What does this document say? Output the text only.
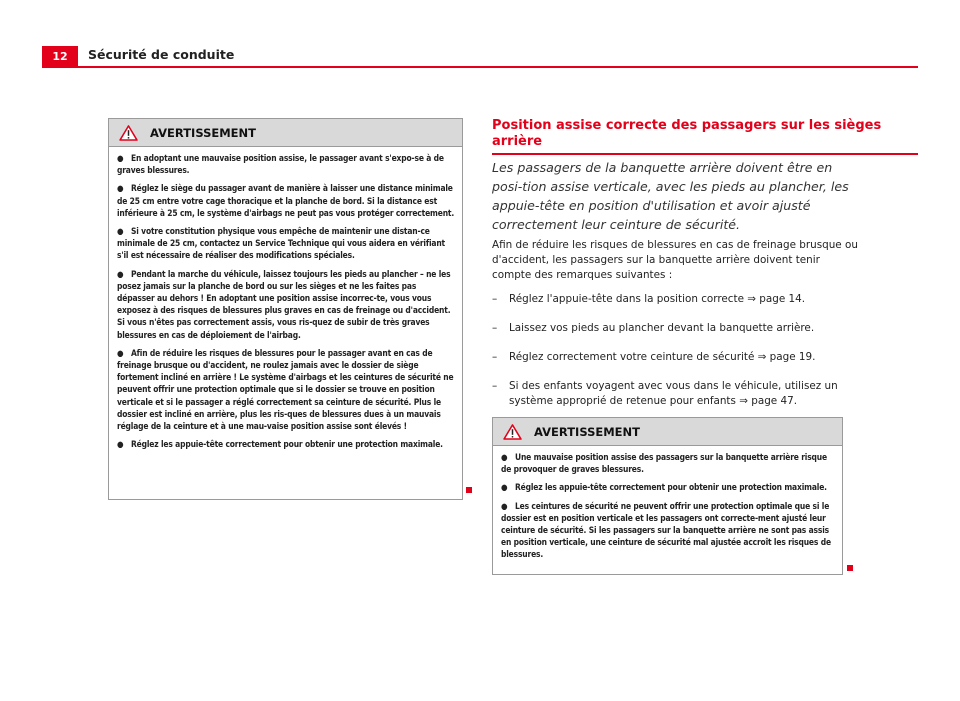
12	Sécurité de conduite
AVERTISSEMENT
● En adoptant une mauvaise position assise, le passager avant s'expo-se à de graves blessures.
● Réglez le siège du passager avant de manière à laisser une distance minimale de 25 cm entre votre cage thoracique et la planche de bord. Si la distance est inférieure à 25 cm, le système d'airbags ne peut pas vous protéger correctement.
● Si votre constitution physique vous empêche de maintenir une distan-ce minimale de 25 cm, contactez un Service Technique qui vous aidera en vérifiant s'il est nécessaire de réaliser des modifications spéciales.
● Pendant la marche du véhicule, laissez toujours les pieds au plancher – ne les posez jamais sur la planche de bord ou sur les sièges et ne les faites pas dépasser au dehors ! En adoptant une position assise incorrec-te, vous vous exposez à des risques de blessures plus graves en cas de freinage ou d'accident. Si vous n'êtes pas correctement assis, vous ris-quez de subir de très graves blessures en cas de déploiement de l'airbag.
● Afin de réduire les risques de blessures pour le passager avant en cas de freinage brusque ou d'accident, ne roulez jamais avec le dossier de siège fortement incliné en arrière ! Le système d'airbags et les ceintures de sécurité ne peuvent offrir une protection optimale que si le dossier se trouve en position verticale et si le passager a réglé correctement sa ceinture de sécurité. Plus le dossier est incliné en arrière, plus les ris-ques de blessures dues à un mauvais réglage de la ceinture et à une mau-vaise position assise sont élevés !
● Réglez les appuie-tête correctement pour obtenir une protection maximale.
Position assise correcte des passagers sur les sièges arrière
Les passagers de la banquette arrière doivent être en posi-tion assise verticale, avec les pieds au plancher, les appuie-tête en position d'utilisation et avoir ajusté correctement leur ceinture de sécurité.
Afin de réduire les risques de blessures en cas de freinage brusque ou d'accident, les passagers sur la banquette arrière doivent tenir compte des remarques suivantes :
–	Réglez l'appuie-tête dans la position correcte ⇒ page 14.
–	Laissez vos pieds au plancher devant la banquette arrière.
–	Réglez correctement votre ceinture de sécurité ⇒ page 19.
–	Si des enfants voyagent avec vous dans le véhicule, utilisez un système approprié de retenue pour enfants ⇒ page 47.
AVERTISSEMENT
● Une mauvaise position assise des passagers sur la banquette arrière risque de provoquer de graves blessures.
● Réglez les appuie-tête correctement pour obtenir une protection maximale.
● Les ceintures de sécurité ne peuvent offrir une protection optimale que si le dossier est en position verticale et les passagers ont correcte-ment ajusté leur ceinture de sécurité. Si les passagers sur la banquette arrière ne sont pas assis en position verticale, une ceinture de sécurité mal ajustée accroît les risques de blessures.
